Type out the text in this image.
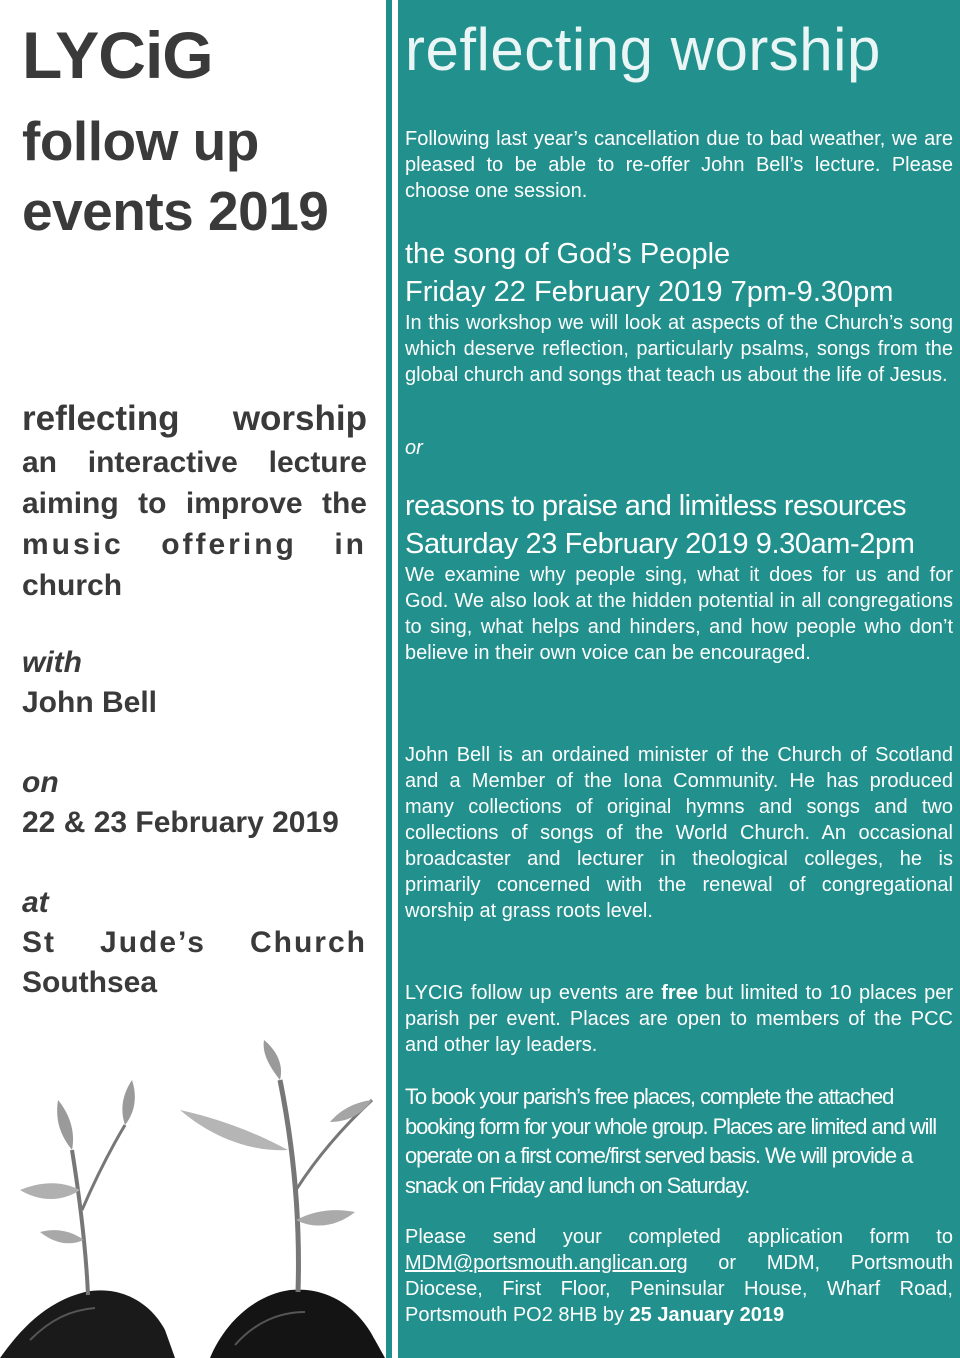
LYCiG

follow up

events 2019

reflecting worship

an interactive lecture
aiming to improve the
music offering in
church

with

John Bell

on

22 & 23 February 2019

at

St Jude’s Church

Southsea

reflecting worship

Following last year’s cancellation due to bad weather, we are pleased to be able to re-offer John Bell’s lecture. Please choose one session.

the song of God’s People

Friday 22 February 2019 7pm-9.30pm

In this workshop we will look at aspects of the Church’s song which deserve reflection, particularly psalms, songs from the global church and songs that teach us about the life of Jesus.

or

reasons to praise and limitless resources

Saturday 23 February 2019 9.30am-2pm

We examine why people sing, what it does for us and for God. We also look at the hidden potential in all congregations to sing, what helps and hinders, and how people who don’t believe in their own voice can be encouraged.

John Bell is an ordained minister of the Church of Scotland and a Member of the Iona Community. He has produced many collections of original hymns and songs and two collections of songs of the World Church. An occasional broadcaster and lecturer in theological colleges, he is primarily concerned with the renewal of congregational worship at grass roots level.

LYCIG follow up events are free but limited to 10 places per parish per event. Places are open to members of the PCC and other lay leaders.

To book your parish’s free places, complete the attached booking form for your whole group. Places are limited and will operate on a first come/first served basis. We will provide a snack on Friday and lunch on Saturday.

Please send your completed application form to MDM@portsmouth.anglican.org or MDM, Portsmouth Diocese, First Floor, Peninsular House, Wharf Road, Portsmouth PO2 8HB by 25 January 2019
